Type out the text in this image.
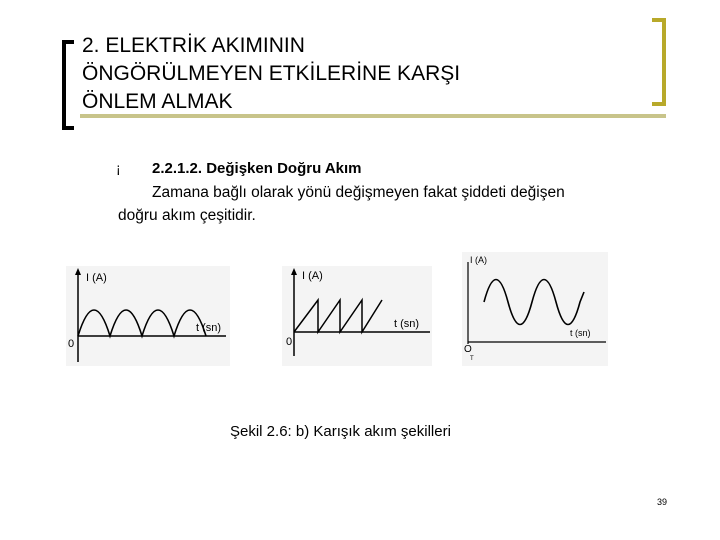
2. ELEKTRİK AKIMININ
ÖNGÖRÜLMEYEN ETKİLERİNE KARŞI
ÖNLEM ALMAK
¡ 2.2.1.2. Değişken Doğru Akım
Zamana bağlı olarak yönü değişmeyen fakat şiddeti değişen
doğru akım çeşitidir.
I (A)
t (sn)
0
I (A)
t (sn)
0
I (A)
t (sn)
O
T
Şekil 2.6: b) Karışık akım şekilleri
39
